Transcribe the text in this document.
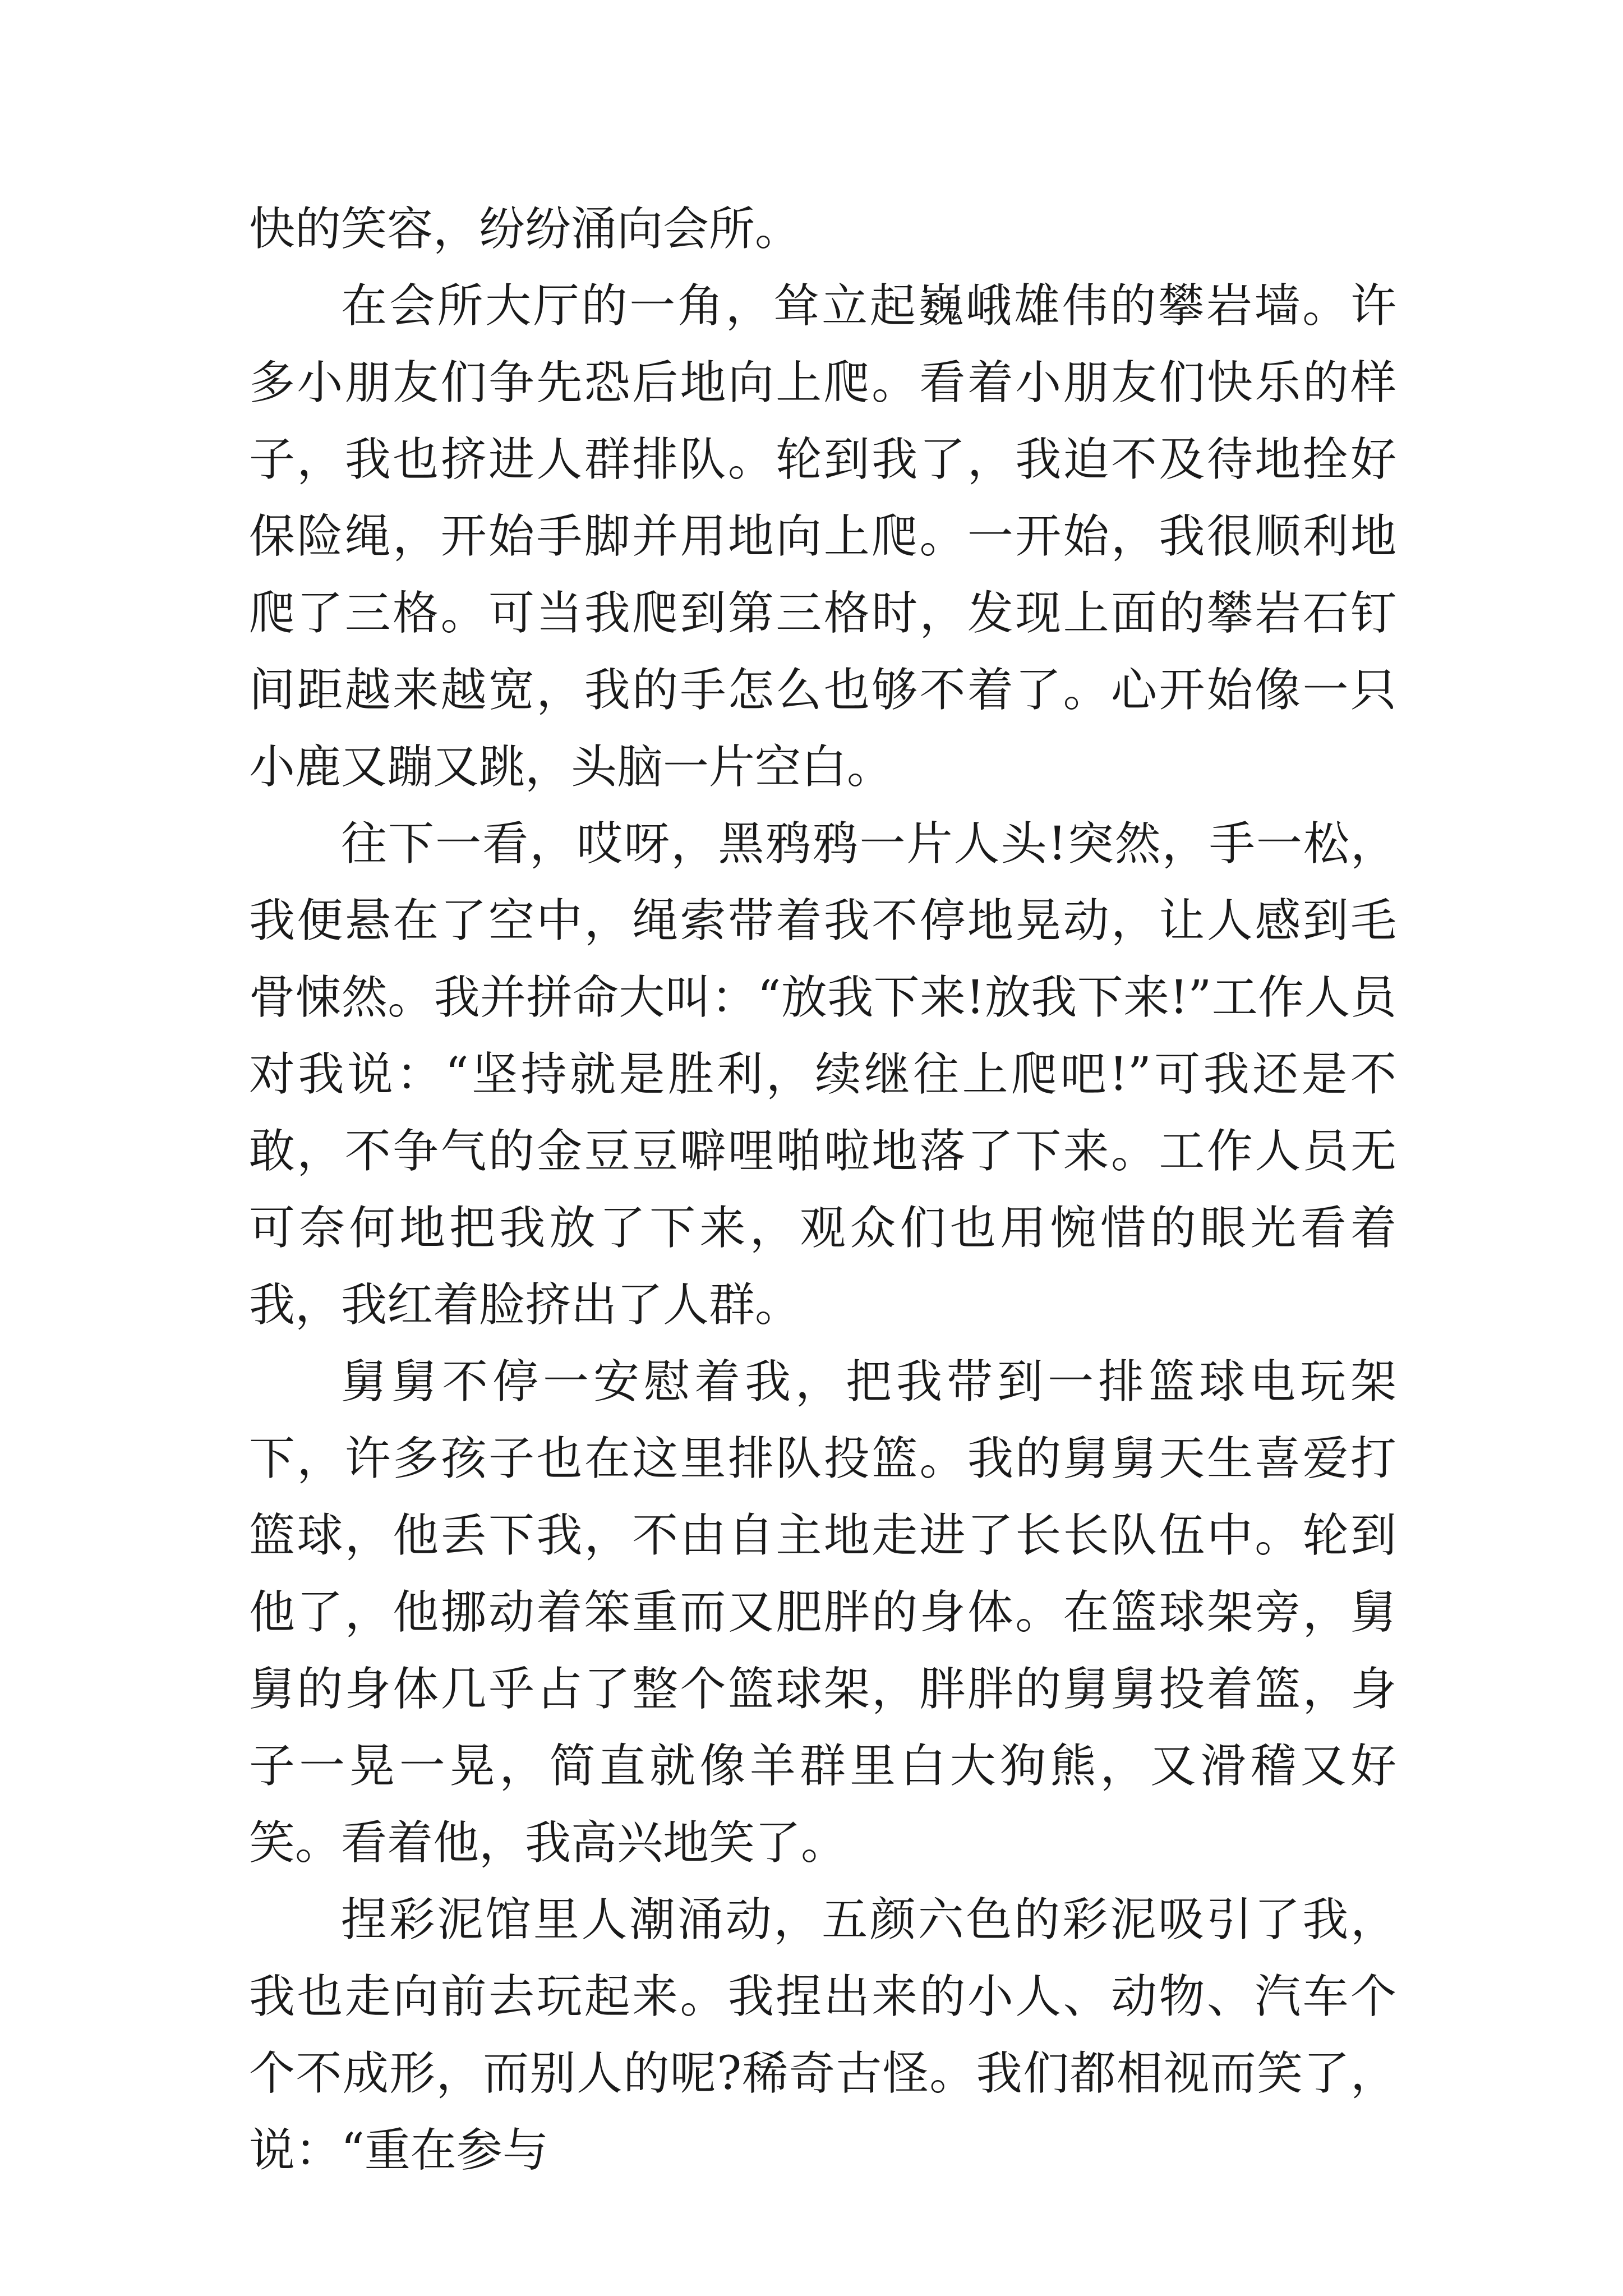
快的笑容，纷纷涌向会所。

在会所大厅的一角，耸立起巍峨雄伟的攀岩墙。许多小朋友们争先恐后地向上爬。看着小朋友们快乐的样子，我也挤进人群排队。轮到我了，我迫不及待地拴好保险绳，开始手脚并用地向上爬。一开始，我很顺利地爬了三格。可当我爬到第三格时，发现上面的攀岩石钉间距越来越宽，我的手怎么也够不着了。心开始像一只小鹿又蹦又跳，头脑一片空白。

往下一看，哎呀，黑鸦鸦一片人头!突然，手一松，我便悬在了空中，绳索带着我不停地晃动，让人感到毛骨悚然。我并拼命大叫：“放我下来!放我下来!”工作人员对我说：“坚持就是胜利，续继往上爬吧!”可我还是不敢，不争气的金豆豆噼哩啪啦地落了下来。工作人员无可奈何地把我放了下来，观众们也用惋惜的眼光看着我，我红着脸挤出了人群。

舅舅不停一安慰着我，把我带到一排篮球电玩架下，许多孩子也在这里排队投篮。我的舅舅天生喜爱打篮球，他丢下我，不由自主地走进了长长队伍中。轮到他了，他挪动着笨重而又肥胖的身体。在篮球架旁，舅舅的身体几乎占了整个篮球架，胖胖的舅舅投着篮，身子一晃一晃，简直就像羊群里白大狗熊，又滑稽又好笑。看着他，我高兴地笑了。

捏彩泥馆里人潮涌动，五颜六色的彩泥吸引了我，我也走向前去玩起来。我捏出来的小人、动物、汽车个个不成形，而别人的呢?稀奇古怪。我们都相视而笑了，说：“重在参与
